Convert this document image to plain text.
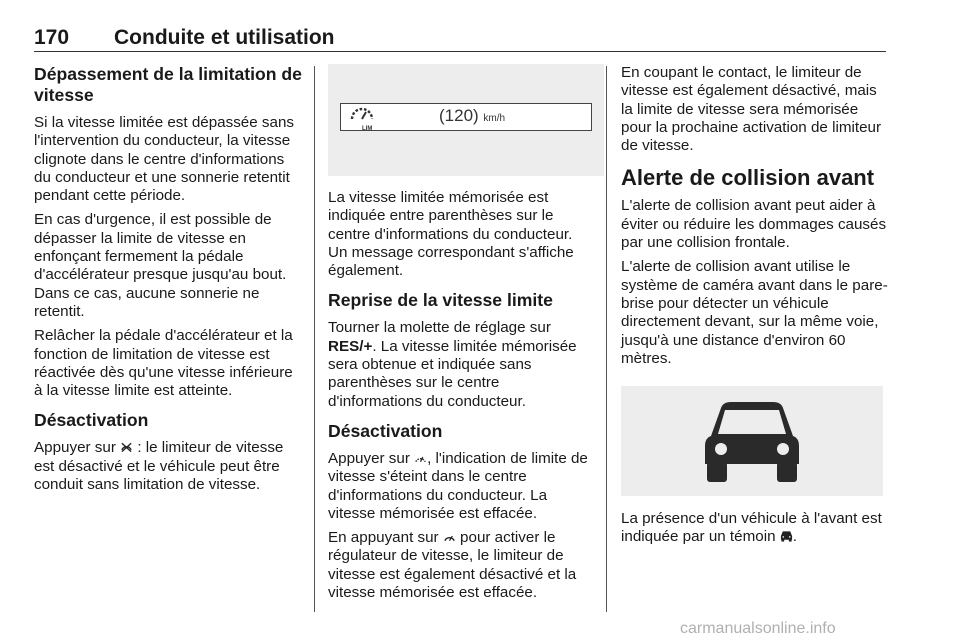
170 Conduite et utilisation
Dépassement de la limitation de vitesse

Si la vitesse limitée est dépassée sans l'intervention du conducteur, la vitesse clignote dans le centre d'informations du conducteur et une sonnerie retentit pendant cette période.

En cas d'urgence, il est possible de dépasser la limite de vitesse en enfonçant fermement la pédale d'accélérateur presque jusqu'au bout. Dans ce cas, aucune sonnerie ne retentit.

Relâcher la pédale d'accélérateur et la fonction de limitation de vitesse est réactivée dès qu'une vitesse inférieure à la vitesse limite est atteinte.

Désactivation

Appuyer sur  : le limiteur de vitesse est désactivé et le véhicule peut être conduit sans limitation de vitesse.

LIM
(120) km/h

La vitesse limitée mémorisée est indiquée entre parenthèses sur le centre d'informations du conducteur. Un message correspondant s'affiche également.

Reprise de la vitesse limite

Tourner la molette de réglage sur RES/+. La vitesse limitée mémorisée sera obtenue et indiquée sans parenthèses sur le centre d'informations du conducteur.

Désactivation

Appuyer sur , l'indication de limite de vitesse s'éteint dans le centre d'informations du conducteur. La vitesse mémorisée est effacée.

En appuyant sur  pour activer le régulateur de vitesse, le limiteur de vitesse est également désactivé et la vitesse mémorisée est effacée.

En coupant le contact, le limiteur de vitesse est également désactivé, mais la limite de vitesse sera mémorisée pour la prochaine activation de limiteur de vitesse.

Alerte de collision avant

L'alerte de collision avant peut aider à éviter ou réduire les dommages causés par une collision frontale.

L'alerte de collision avant utilise le système de caméra avant dans le pare-brise pour détecter un véhicule directement devant, sur la même voie, jusqu'à une distance d'environ 60 mètres.

La présence d'un véhicule à l'avant est indiquée par un témoin .

carmanualsonline.info
